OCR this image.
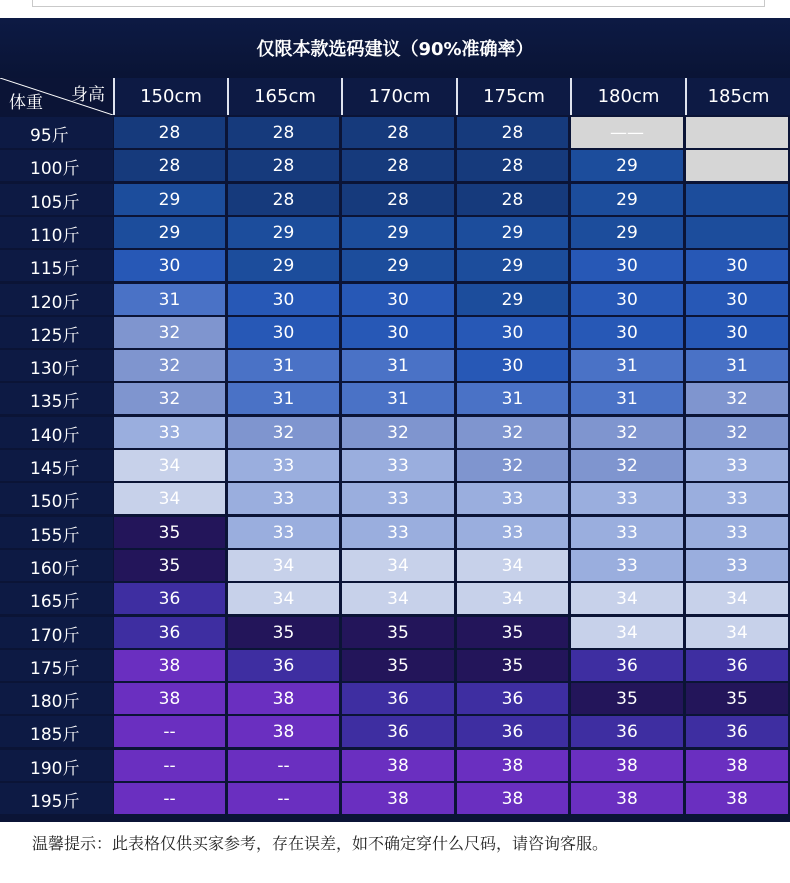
仅限本款选码建议（90%准确率）
身高
体重	150cm	165cm	170cm	175cm	180cm	185cm
95斤	28	28	28	28	——
100斤	28	28	28	28	29
105斤	29	28	28	28	29
110斤	29	29	29	29	29
115斤	30	29	29	29	30	30
120斤	31	30	30	29	30	30
125斤	32	30	30	30	30	30
130斤	32	31	31	30	31	31
135斤	32	31	31	31	31	32
140斤	33	32	32	32	32	32
145斤	34	33	33	32	32	33
150斤	34	33	33	33	33	33
155斤	35	33	33	33	33	33
160斤	35	34	34	34	33	33
165斤	36	34	34	34	34	34
170斤	36	35	35	35	34	34
175斤	38	36	35	35	36	36
180斤	38	38	36	36	35	35
185斤	--	38	36	36	36	36
190斤	--	--	38	38	38	38
195斤	--	--	38	38	38	38
温馨提示：此表格仅供买家参考，存在误差，如不确定穿什么尺码，请咨询客服。
